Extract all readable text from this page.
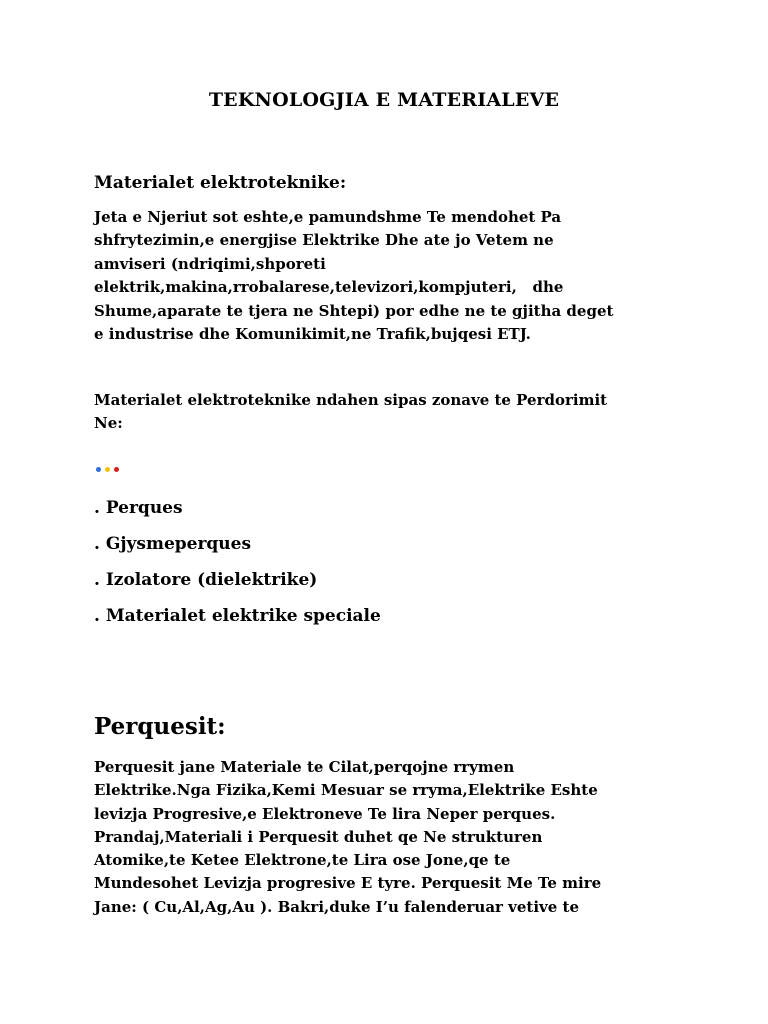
TEKNOLOGJIA E MATERIALEVE
Materialet elektroteknike:

Jeta e Njeriut sot eshte,e pamundshme Te mendohet Pa
shfrytezimin,e energjise Elektrike Dhe ate jo Vetem ne
amviseri (ndriqimi,shporeti
elektrik,makina,rrobalarese,televizori,kompjuteri,   dhe
Shume,aparate te tjera ne Shtepi) por edhe ne te gjitha deget
e industrise dhe Komunikimit,ne Trafik,bujqesi ETJ.

Materialet elektroteknike ndahen sipas zonave te Perdorimit
Ne:

. Perques
. Gjysmeperques
. Izolatore (dielektrike)
. Materialet elektrike speciale
Perquesit:

Perquesit jane Materiale te Cilat,perqojne rrymen
Elektrike.Nga Fizika,Kemi Mesuar se rryma,Elektrike Eshte
levizja Progresive,e Elektroneve Te lira Neper perques.
Prandaj,Materiali i Perquesit duhet qe Ne strukturen
Atomike,te Ketee Elektrone,te Lira ose Jone,qe te
Mundesohet Levizja progresive E tyre. Perquesit Me Te mire
Jane: ( Cu,Al,Ag,Au ). Bakri,duke I’u falenderuar vetive te
